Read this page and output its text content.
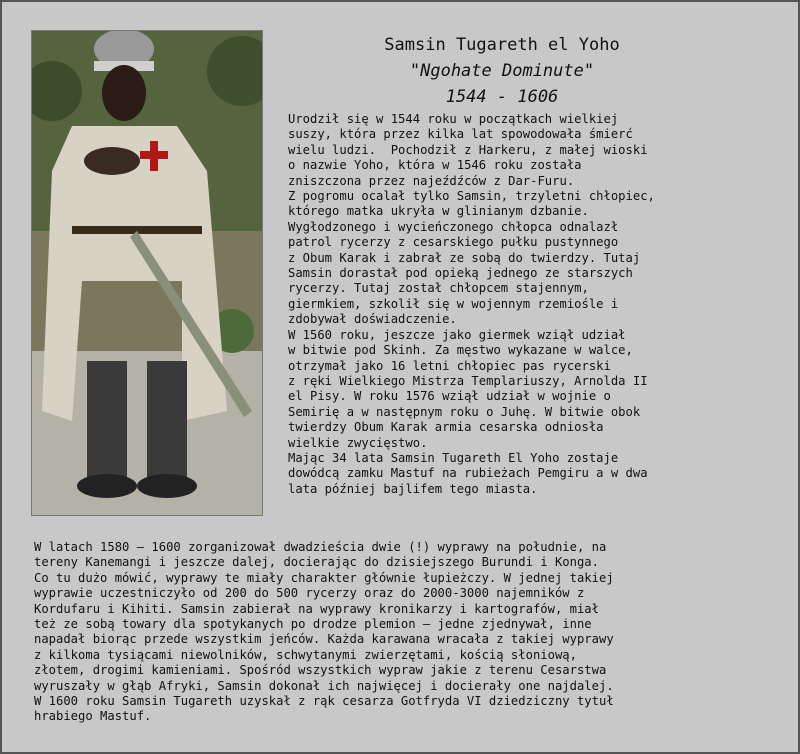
Samsin Tugareth el Yoho
"Ngohate Dominute"
1544 - 1606
Urodził się w 1544 roku w początkach wielkiej
suszy, która przez kilka lat spowodowała śmierć
wielu ludzi.  Pochodził z Harkeru, z małej wioski
o nazwie Yoho, która w 1546 roku została
zniszczona przez najeźdźców z Dar-Furu.
Z pogromu ocalał tylko Samsin, trzyletni chłopiec,
którego matka ukryła w glinianym dzbanie.
Wygłodzonego i wycieńczonego chłopca odnalazł
patrol rycerzy z cesarskiego pułku pustynnego
z Obum Karak i zabrał ze sobą do twierdzy. Tutaj
Samsin dorastał pod opieką jednego ze starszych
rycerzy. Tutaj został chłopcem stajennym,
giermkiem, szkolił się w wojennym rzemiośle i
zdobywał doświadczenie.
W 1560 roku, jeszcze jako giermek wziął udział
w bitwie pod Skinh. Za męstwo wykazane w walce,
otrzymał jako 16 letni chłopiec pas rycerski
z ręki Wielkiego Mistrza Templariuszy, Arnolda II
el Pisy. W roku 1576 wziął udział w wojnie o
Semirię a w następnym roku o Juhę. W bitwie obok
twierdzy Obum Karak armia cesarska odniosła
wielkie zwycięstwo.
Mając 34 lata Samsin Tugareth El Yoho zostaje
dowódcą zamku Mastuf na rubieżach Pemgiru a w dwa
lata później bajlifem tego miasta.
W latach 1580 – 1600 zorganizował dwadzieścia dwie (!) wyprawy na południe, na
tereny Kanemangi i jeszcze dalej, docierając do dzisiejszego Burundi i Konga.
Co tu dużo mówić, wyprawy te miały charakter głównie łupieżczy. W jednej takiej
wyprawie uczestniczyło od 200 do 500 rycerzy oraz do 2000-3000 najemników z
Kordufaru i Kihiti. Samsin zabierał na wyprawy kronikarzy i kartografów, miał
też ze sobą towary dla spotykanych po drodze plemion – jedne zjednywał, inne
napadał biorąc przede wszystkim jeńców. Każda karawana wracała z takiej wyprawy
z kilkoma tysiącami niewolników, schwytanymi zwierzętami, kością słoniową,
złotem, drogimi kamieniami. Spośród wszystkich wypraw jakie z terenu Cesarstwa
wyruszały w głąb Afryki, Samsin dokonał ich najwięcej i docierały one najdalej.
W 1600 roku Samsin Tugareth uzyskał z rąk cesarza Gotfryda VI dziedziczny tytuł
hrabiego Mastuf.
